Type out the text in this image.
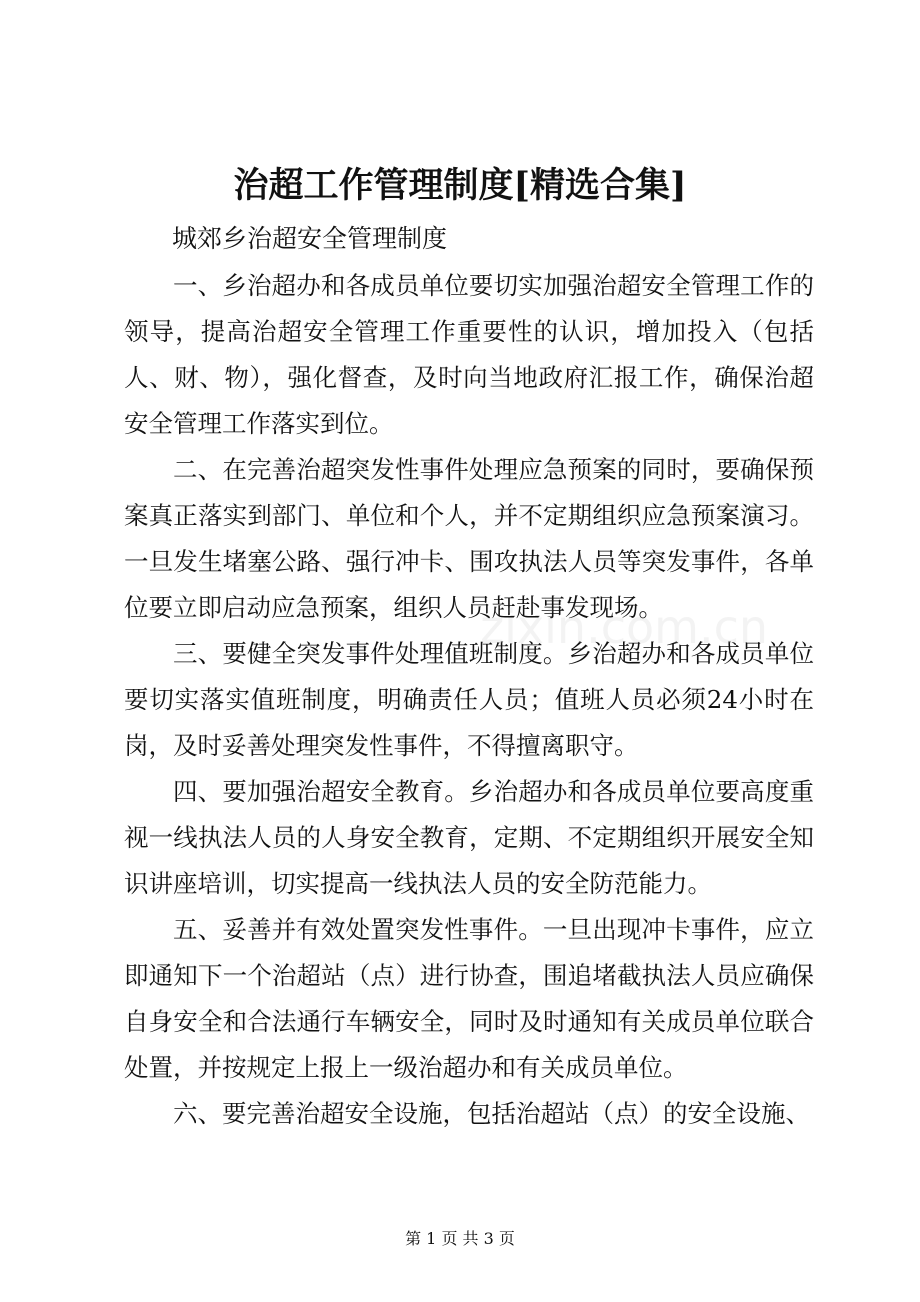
治超工作管理制度[精选合集]

城郊乡治超安全管理制度

一、乡治超办和各成员单位要切实加强治超安全管理工作的领导，提高治超安全管理工作重要性的认识，增加投入（包括人、财、物），强化督查，及时向当地政府汇报工作，确保治超安全管理工作落实到位。

二、在完善治超突发性事件处理应急预案的同时，要确保预案真正落实到部门、单位和个人，并不定期组织应急预案演习。一旦发生堵塞公路、强行冲卡、围攻执法人员等突发事件，各单位要立即启动应急预案，组织人员赶赴事发现场。

三、要健全突发事件处理值班制度。乡治超办和各成员单位要切实落实值班制度，明确责任人员；值班人员必须24小时在岗，及时妥善处理突发性事件，不得擅离职守。

四、要加强治超安全教育。乡治超办和各成员单位要高度重视一线执法人员的人身安全教育，定期、不定期组织开展安全知识讲座培训，切实提高一线执法人员的安全防范能力。

五、妥善并有效处置突发性事件。一旦出现冲卡事件，应立即通知下一个治超站（点）进行协查，围追堵截执法人员应确保自身安全和合法通行车辆安全，同时及时通知有关成员单位联合处置，并按规定上报上一级治超办和有关成员单位。

六、要完善治超安全设施，包括治超站（点）的安全设施、

zixin.com.cn
第 1 页 共 3 页
